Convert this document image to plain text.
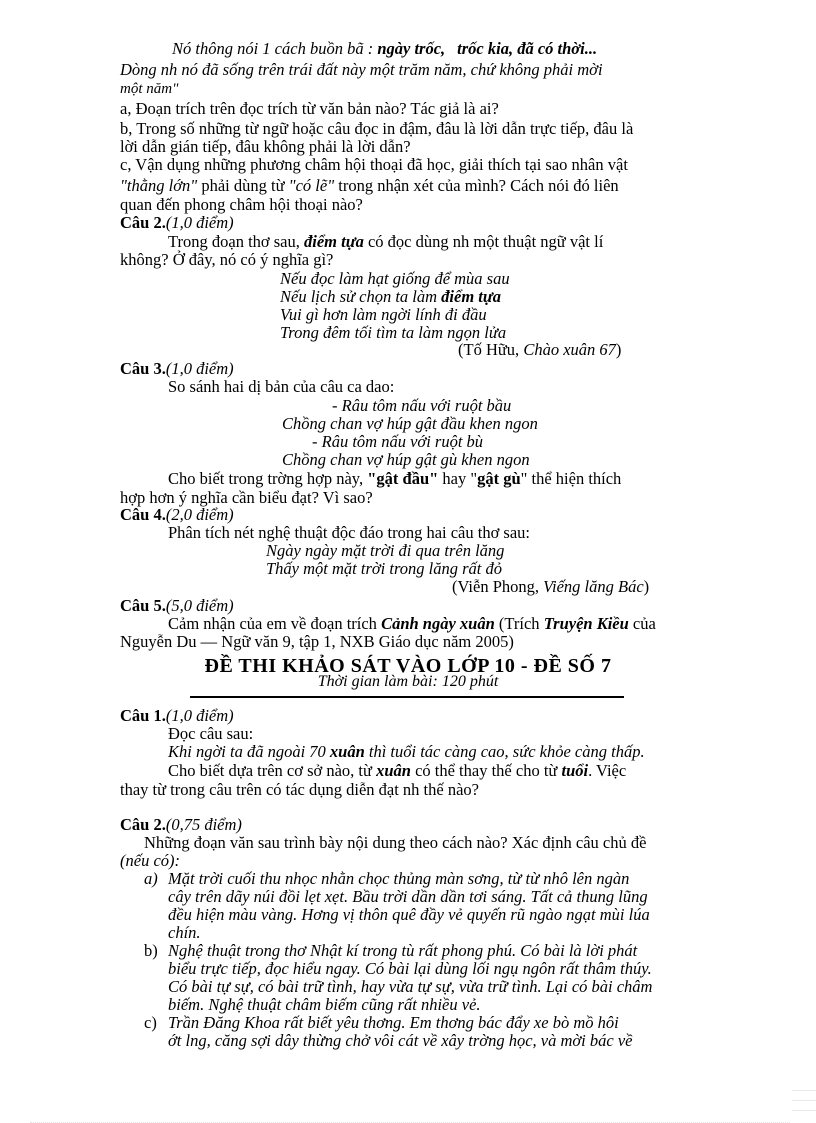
Nó thông nói 1 cách buồn bã : ngày trốc, trốc kia, đã có thời...
Dòng nh nó đã sống trên trái đất này một trăm năm, chứ không phải mời
một năm"
a, Đoạn trích trên đọc trích từ văn bản nào? Tác giả là ai?
b, Trong số những từ ngữ hoặc câu đọc in đậm, đâu là lời dẫn trực tiếp, đâu là
lời dẫn gián tiếp, đâu không phải là lời dẫn?
c, Vận dụng những phương châm hội thoại đã học, giải thích tại sao nhân vật
"thằng lớn" phải dùng từ "có lẽ" trong nhận xét của mình? Cách nói đó liên
quan đến phong châm hội thoại nào?
Câu 2.(1,0 điểm)
Trong đoạn thơ sau, điểm tựa có đọc dùng nh một thuật ngữ vật lí
không? Ở đây, nó có ý nghĩa gì?
Nếu đọc làm hạt giống để mùa sau
Nếu lịch sử chọn ta làm điểm tựa
Vui gì hơn làm ngời lính đi đầu
Trong đêm tối tìm ta làm ngọn lửa
(Tố Hữu, Chào xuân 67)
Câu 3.(1,0 điểm)
So sánh hai dị bản của câu ca dao:
- Râu tôm nấu với ruột bầu
Chồng chan vợ húp gật đầu khen ngon
- Râu tôm nấu với ruột bù
Chồng chan vợ húp gật gù khen ngon
Cho biết trong trờng hợp này, "gật đầu" hay "gật gù" thể hiện thích
hợp hơn ý nghĩa cần biểu đạt? Vì sao?
Câu 4.(2,0 điểm)
Phân tích nét nghệ thuật độc đáo trong hai câu thơ sau:
Ngày ngày mặt trời đi qua trên lăng
Thấy một mặt trời trong lăng rất đỏ
(Viễn Phong, Viếng lăng Bác)
Câu 5.(5,0 điểm)
Cảm nhận của em về đoạn trích Cảnh ngày xuân (Trích Truyện Kiều của
Nguyễn Du — Ngữ văn 9, tập 1, NXB Giáo dục năm 2005)
ĐỀ THI KHẢO SÁT VÀO LỚP 10 - ĐỀ SỐ 7
Thời gian làm bài: 120 phút
Câu 1.(1,0 điểm)
Đọc câu sau:
Khi ngời ta đã ngoài 70 xuân thì tuổi tác càng cao, sức khỏe càng thấp.
Cho biết dựa trên cơ sở nào, từ xuân có thể thay thế cho từ tuổi. Việc
thay từ trong câu trên có tác dụng diễn đạt nh thế nào?
Câu 2.(0,75 điểm)
Những đoạn văn sau trình bày nội dung theo cách nào? Xác định câu chủ đề
(nếu có):
a) Mặt trời cuối thu nhọc nhằn chọc thủng màn sơng, từ từ nhô lên ngàn
cây trên dãy núi đồi lẹt xẹt. Bầu trời dần dần tơi sáng. Tất cả thung lũng
đều hiện màu vàng. Hơng vị thôn quê đầy vẻ quyến rũ ngào ngạt mùi lúa
chín.
b) Nghệ thuật trong thơ Nhật kí trong tù rất phong phú. Có bài là lời phát
biểu trực tiếp, đọc hiểu ngay. Có bài lại dùng lối ngụ ngôn rất thâm thúy.
Có bài tự sự, có bài trữ tình, hay vừa tự sự, vừa trữ tình. Lại có bài châm
biếm. Nghệ thuật châm biếm cũng rất nhiều vẻ.
c) Trần Đăng Khoa rất biết yêu thơng. Em thơng bác đẩy xe bò mồ hôi
ớt lng, căng sợi dây thừng chở vôi cát về xây trờng học, và mời bác về
